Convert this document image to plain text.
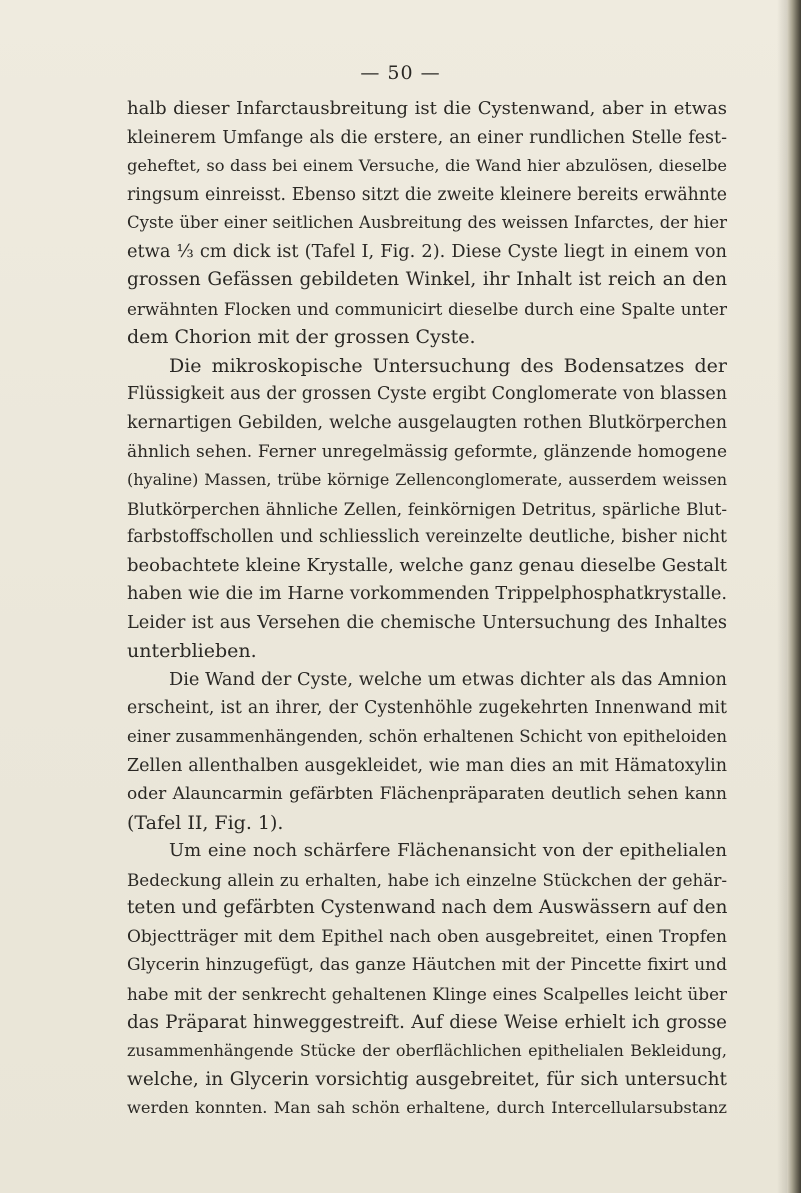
— 50 —
halb dieser Infarctausbreitung ist die Cystenwand, aber in etwas
kleinerem Umfange als die erstere, an einer rundlichen Stelle fest-
geheftet, so dass bei einem Versuche, die Wand hier abzulösen, dieselbe
ringsum einreisst. Ebenso sitzt die zweite kleinere bereits erwähnte
Cyste über einer seitlichen Ausbreitung des weissen Infarctes, der hier
etwa ⅓ cm dick ist (Tafel I, Fig. 2). Diese Cyste liegt in einem von
grossen Gefässen gebildeten Winkel, ihr Inhalt ist reich an den
erwähnten Flocken und communicirt dieselbe durch eine Spalte unter
dem Chorion mit der grossen Cyste.
Die mikroskopische Untersuchung des Bodensatzes der
Flüssigkeit aus der grossen Cyste ergibt Conglomerate von blassen
kernartigen Gebilden, welche ausgelaugten rothen Blutkörperchen
ähnlich sehen. Ferner unregelmässig geformte, glänzende homogene
(hyaline) Massen, trübe körnige Zellenconglomerate, ausserdem weissen
Blutkörperchen ähnliche Zellen, feinkörnigen Detritus, spärliche Blut-
farbstoffschollen und schliesslich vereinzelte deutliche, bisher nicht
beobachtete kleine Krystalle, welche ganz genau dieselbe Gestalt
haben wie die im Harne vorkommenden Trippelphosphatkrystalle.
Leider ist aus Versehen die chemische Untersuchung des Inhaltes
unterblieben.
Die Wand der Cyste, welche um etwas dichter als das Amnion
erscheint, ist an ihrer, der Cystenhöhle zugekehrten Innenwand mit
einer zusammenhängenden, schön erhaltenen Schicht von epitheloiden
Zellen allenthalben ausgekleidet, wie man dies an mit Hämatoxylin
oder Alauncarmin gefärbten Flächenpräparaten deutlich sehen kann
(Tafel II, Fig. 1).
Um eine noch schärfere Flächenansicht von der epithelialen
Bedeckung allein zu erhalten, habe ich einzelne Stückchen der gehär-
teten und gefärbten Cystenwand nach dem Auswässern auf den
Objectträger mit dem Epithel nach oben ausgebreitet, einen Tropfen
Glycerin hinzugefügt, das ganze Häutchen mit der Pincette fixirt und
habe mit der senkrecht gehaltenen Klinge eines Scalpelles leicht über
das Präparat hinweggestreift. Auf diese Weise erhielt ich grosse
zusammenhängende Stücke der oberflächlichen epithelialen Bekleidung,
welche, in Glycerin vorsichtig ausgebreitet, für sich untersucht
werden konnten. Man sah schön erhaltene, durch Intercellularsubstanz
